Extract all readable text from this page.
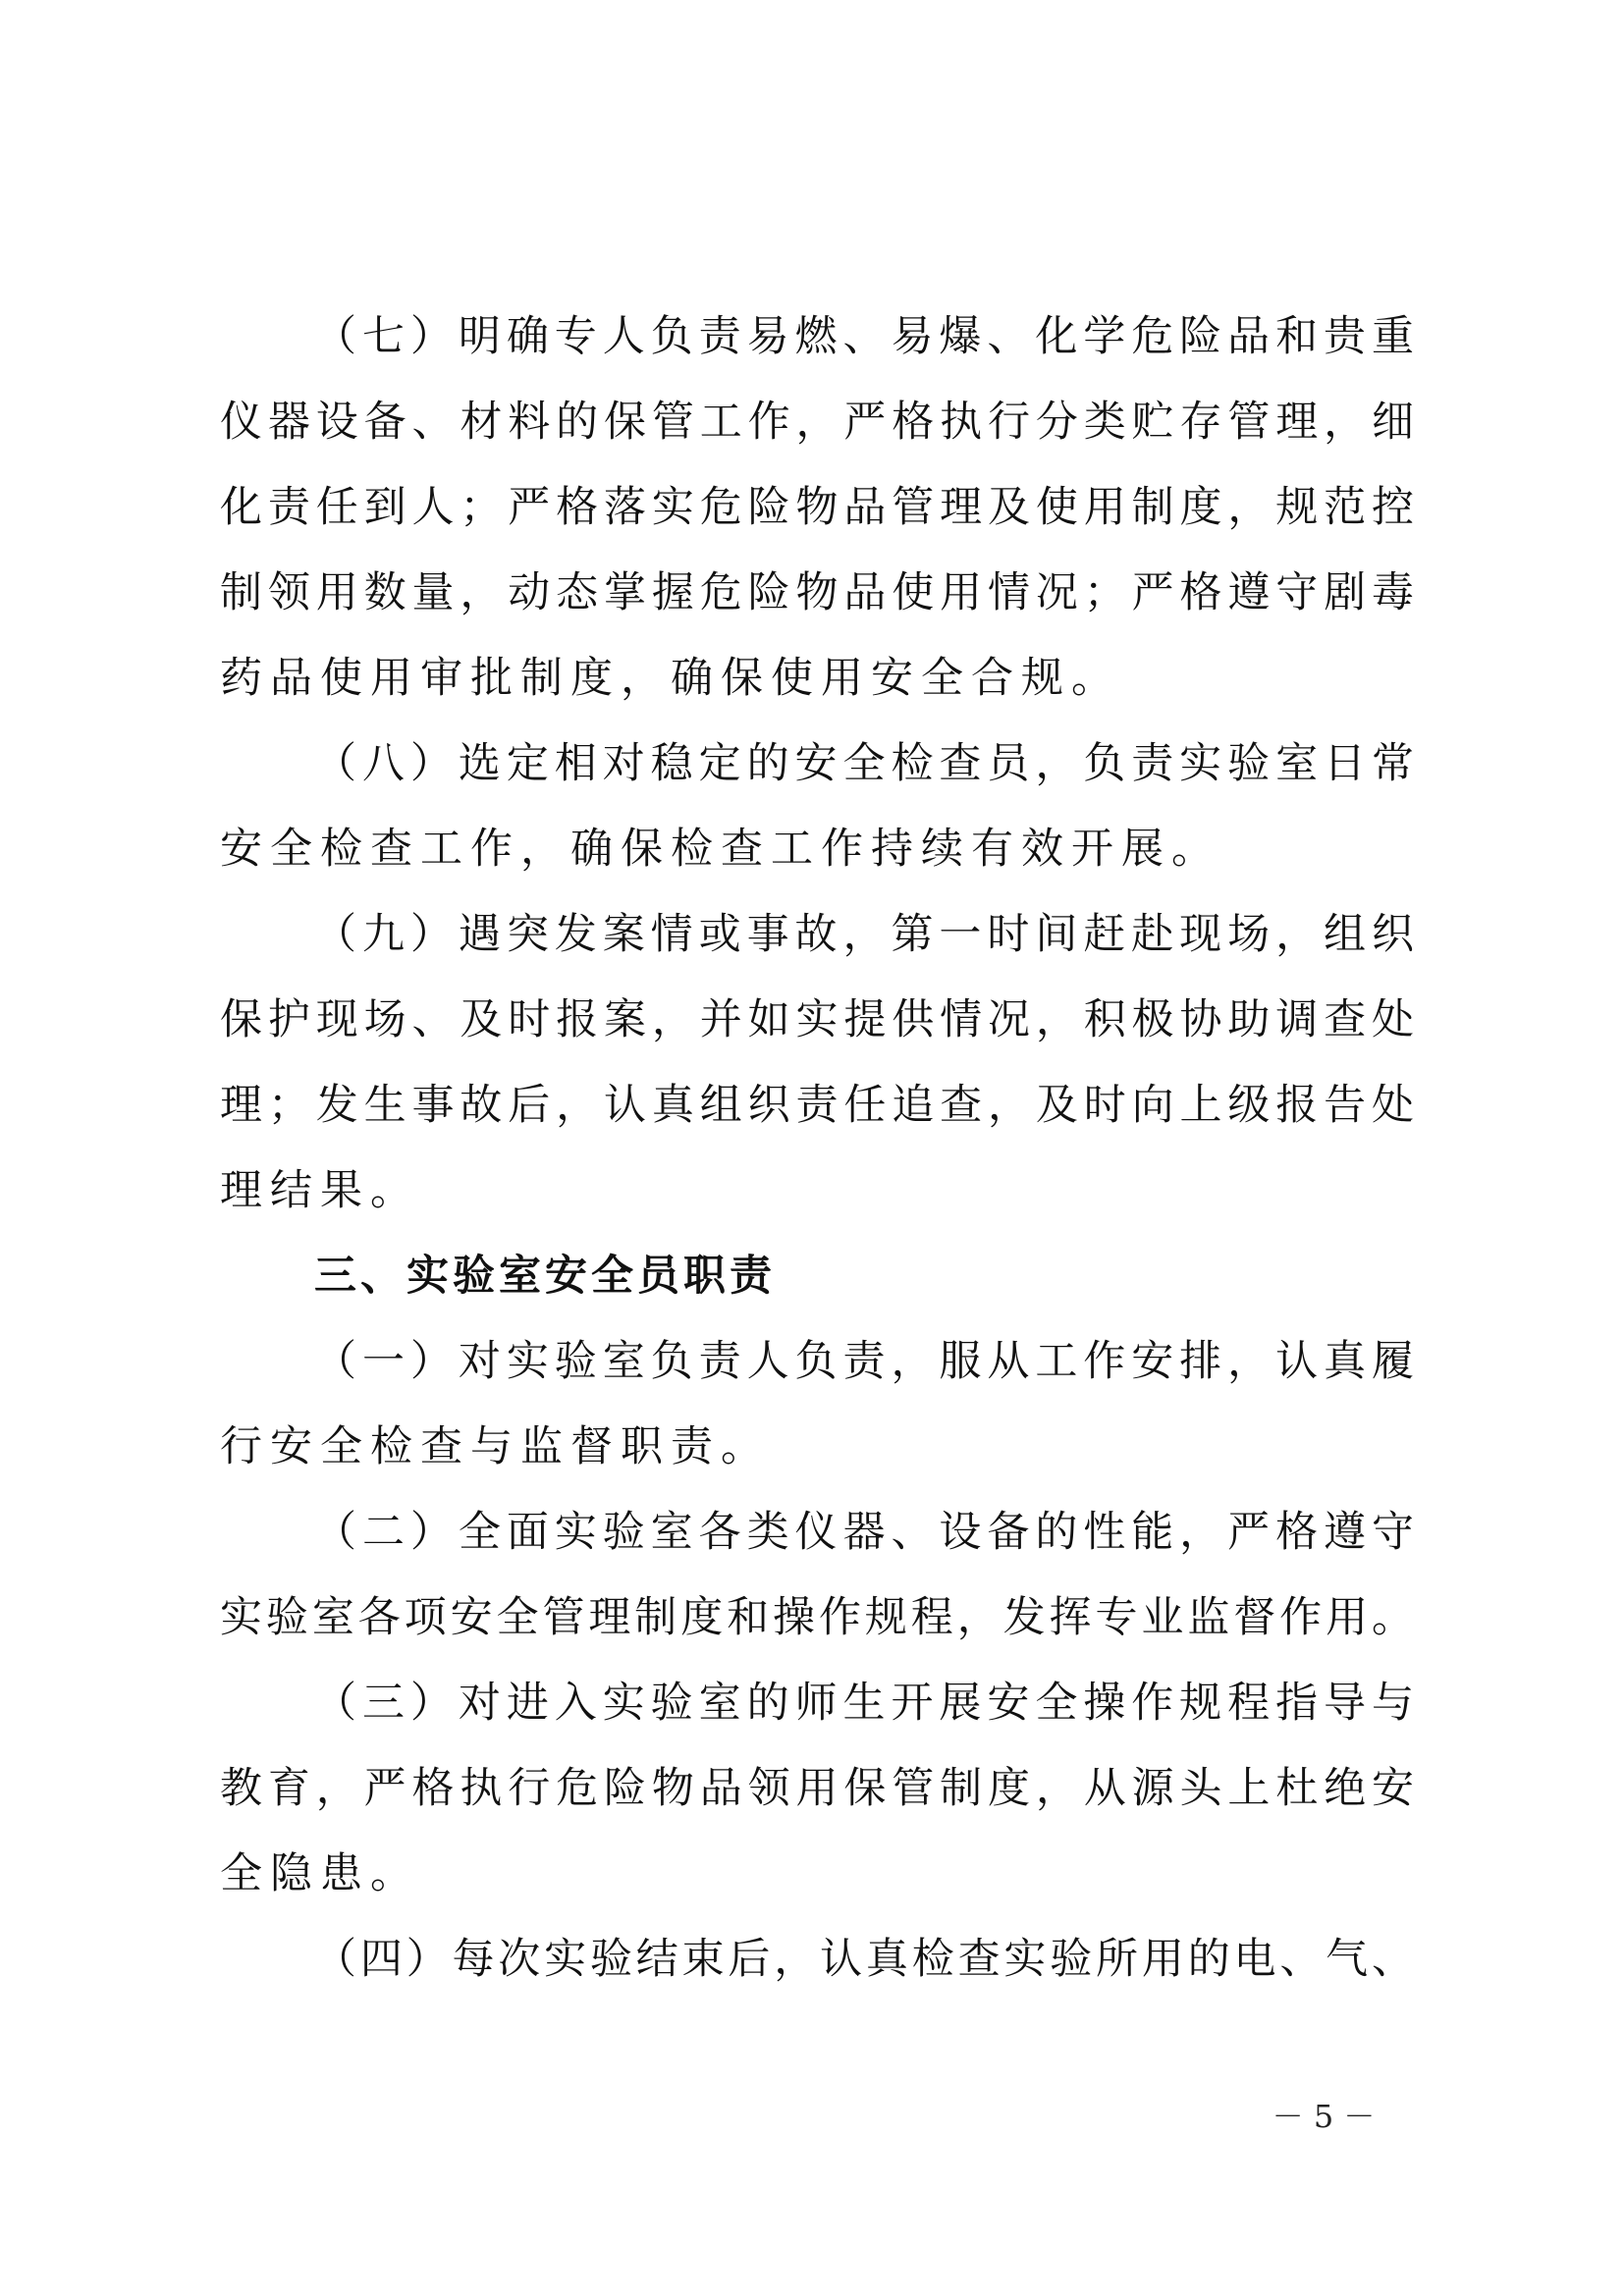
（七）明确专人负责易燃、易爆、化学危险品和贵重
仪器设备、材料的保管工作，严格执行分类贮存管理，细
化责任到人；严格落实危险物品管理及使用制度，规范控
制领用数量，动态掌握危险物品使用情况；严格遵守剧毒
药品使用审批制度，确保使用安全合规。
（八）选定相对稳定的安全检查员，负责实验室日常
安全检查工作，确保检查工作持续有效开展。
（九）遇突发案情或事故，第一时间赶赴现场，组织
保护现场、及时报案，并如实提供情况，积极协助调查处
理；发生事故后，认真组织责任追查，及时向上级报告处
理结果。
三、实验室安全员职责
（一）对实验室负责人负责，服从工作安排，认真履
行安全检查与监督职责。
（二）全面实验室各类仪器、设备的性能，严格遵守
实验室各项安全管理制度和操作规程，发挥专业监督作用。
（三）对进入实验室的师生开展安全操作规程指导与
教育，严格执行危险物品领用保管制度，从源头上杜绝安
全隐患。
（四）每次实验结束后，认真检查实验所用的电、气、
－ 5 －
